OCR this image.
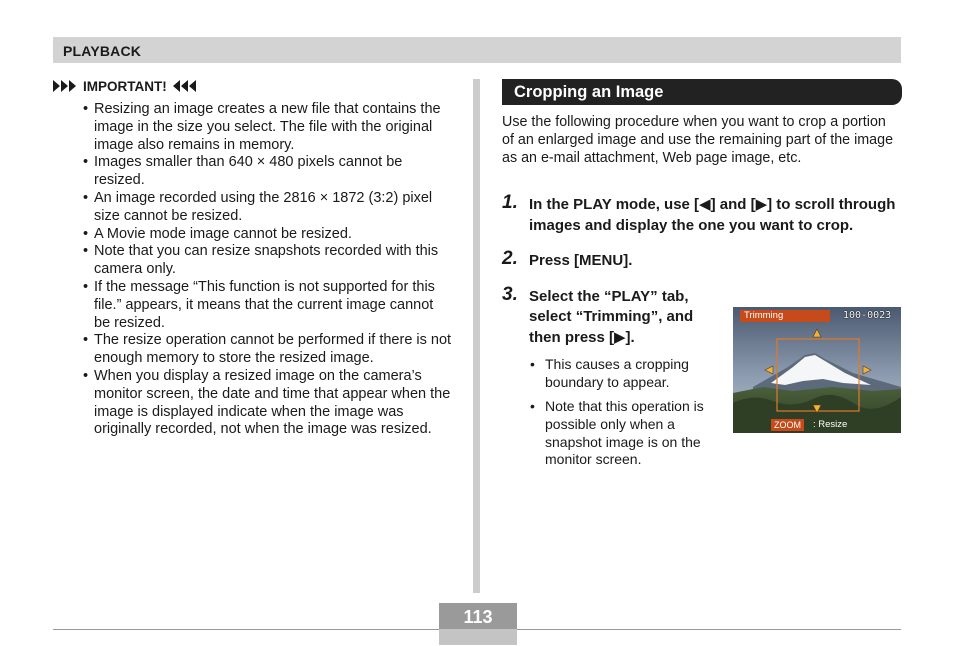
PLAYBACK
IMPORTANT!
• Resizing an image creates a new file that contains the image in the size you select. The file with the original image also remains in memory.
• Images smaller than 640 × 480 pixels cannot be resized.
• An image recorded using the 2816 × 1872 (3:2) pixel size cannot be resized.
• A Movie mode image cannot be resized.
• Note that you can resize snapshots recorded with this camera only.
• If the message “This function is not supported for this file.” appears, it means that the current image cannot be resized.
• The resize operation cannot be performed if there is not enough memory to store the resized image.
• When you display a resized image on the camera’s monitor screen, the date and time that appear when the image is displayed indicate when the image was originally recorded, not when the image was resized.
Cropping an Image
Use the following procedure when you want to crop a portion of an enlarged image and use the remaining part of the image as an e-mail attachment, Web page image, etc.
1. In the PLAY mode, use [◀] and [▶] to scroll through images and display the one you want to crop.
2. Press [MENU].
3. Select the “PLAY” tab, select “Trimming”, and then press [▶].
• This causes a cropping boundary to appear.
• Note that this operation is possible only when a snapshot image is on the monitor screen.
Trimming	100-0023
ZOOM	: Resize
113
